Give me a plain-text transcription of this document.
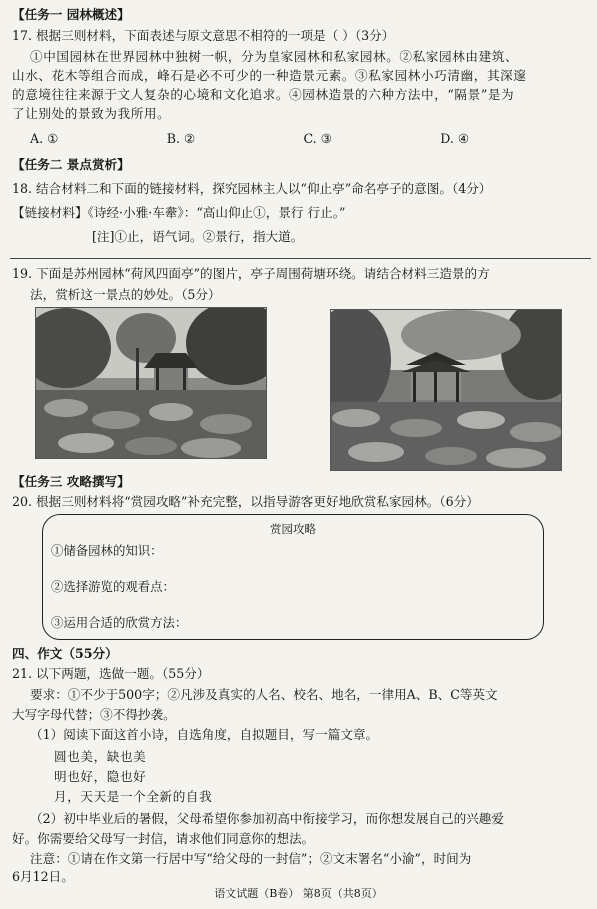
【任务一 园林概述】
17. 根据三则材料，下面表述与原文意思不相符的一项是（ ）（3分）
①中国园林在世界园林中独树一帜，分为皇家园林和私家园林。②私家园林由建筑、
山水、花木等组合而成，峰石是必不可少的一种造景元素。③私家园林小巧清幽，其深邃
的意境往往来源于文人复杂的心境和文化追求。④园林造景的六种方法中，“隔景”是为
了让别处的景致为我所用。
A. ①	B. ②	C. ③	D. ④
【任务二 景点赏析】
18. 结合材料二和下面的链接材料，探究园林主人以“仰止亭”命名亭子的意图。（4分）
【链接材料】《诗经·小雅·车舝》：“高山仰止①，景行 行止。”
[注]①止，语气词。②景行，指大道。
19. 下面是苏州园林“荷风四面亭”的图片，亭子周围荷塘环绕。请结合材料三造景的方
法，赏析这一景点的妙处。（5分）
【任务三 攻略撰写】
20. 根据三则材料将“赏园攻略”补充完整，以指导游客更好地欣赏私家园林。（6分）
赏园攻略
①储备园林的知识：
②选择游览的观看点：
③运用合适的欣赏方法：
四、作文（55分）
21. 以下两题，选做一题。（55分）
要求：①不少于500字；②凡涉及真实的人名、校名、地名，一律用A、B、C等英文
大写字母代替；③不得抄袭。
（1）阅读下面这首小诗，自选角度，自拟题目，写一篇文章。
圆也美，缺也美
明也好，隐也好
月，天天是一个全新的自我
（2）初中毕业后的暑假，父母希望你参加初高中衔接学习，而你想发展自己的兴趣爱
好。你需要给父母写一封信，请求他们同意你的想法。
注意：①请在作文第一行居中写“给父母的一封信”；②文末署名“小渝”，时间为
6月12日。
语文试题（B卷） 第8页（共8页）
